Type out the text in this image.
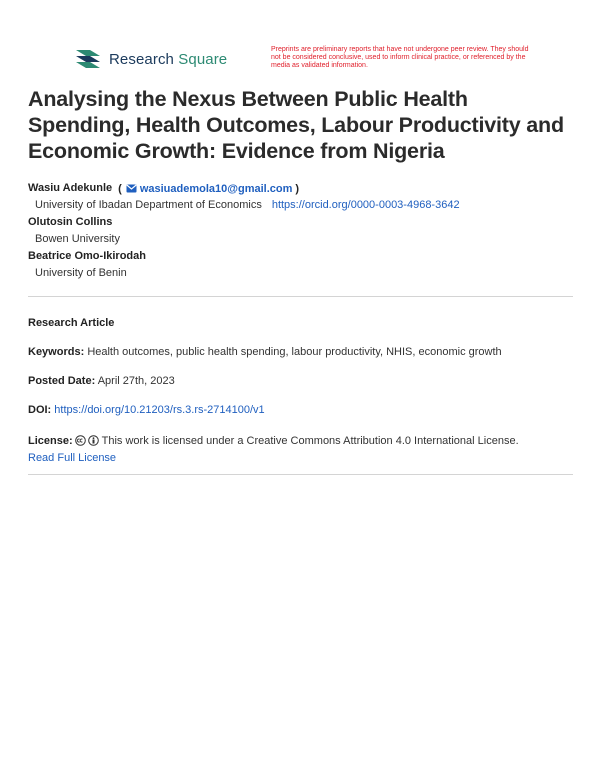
Research Square
Preprints are preliminary reports that have not undergone peer review. They should not be considered conclusive, used to inform clinical practice, or referenced by the media as validated information.
Analysing the Nexus Between Public Health Spending, Health Outcomes, Labour Productivity and Economic Growth: Evidence from Nigeria
Wasiu Adekunle ( wasiuademola10@gmail.com )
University of Ibadan Department of Economics https://orcid.org/0000-0003-4968-3642
Olutosin Collins
Bowen University
Beatrice Omo-Ikirodah
University of Benin
Research Article
Keywords: Health outcomes, public health spending, labour productivity, NHIS, economic growth
Posted Date: April 27th, 2023
DOI: https://doi.org/10.21203/rs.3.rs-2714100/v1
License:	This work is licensed under a Creative Commons Attribution 4.0 International License.
Read Full License
